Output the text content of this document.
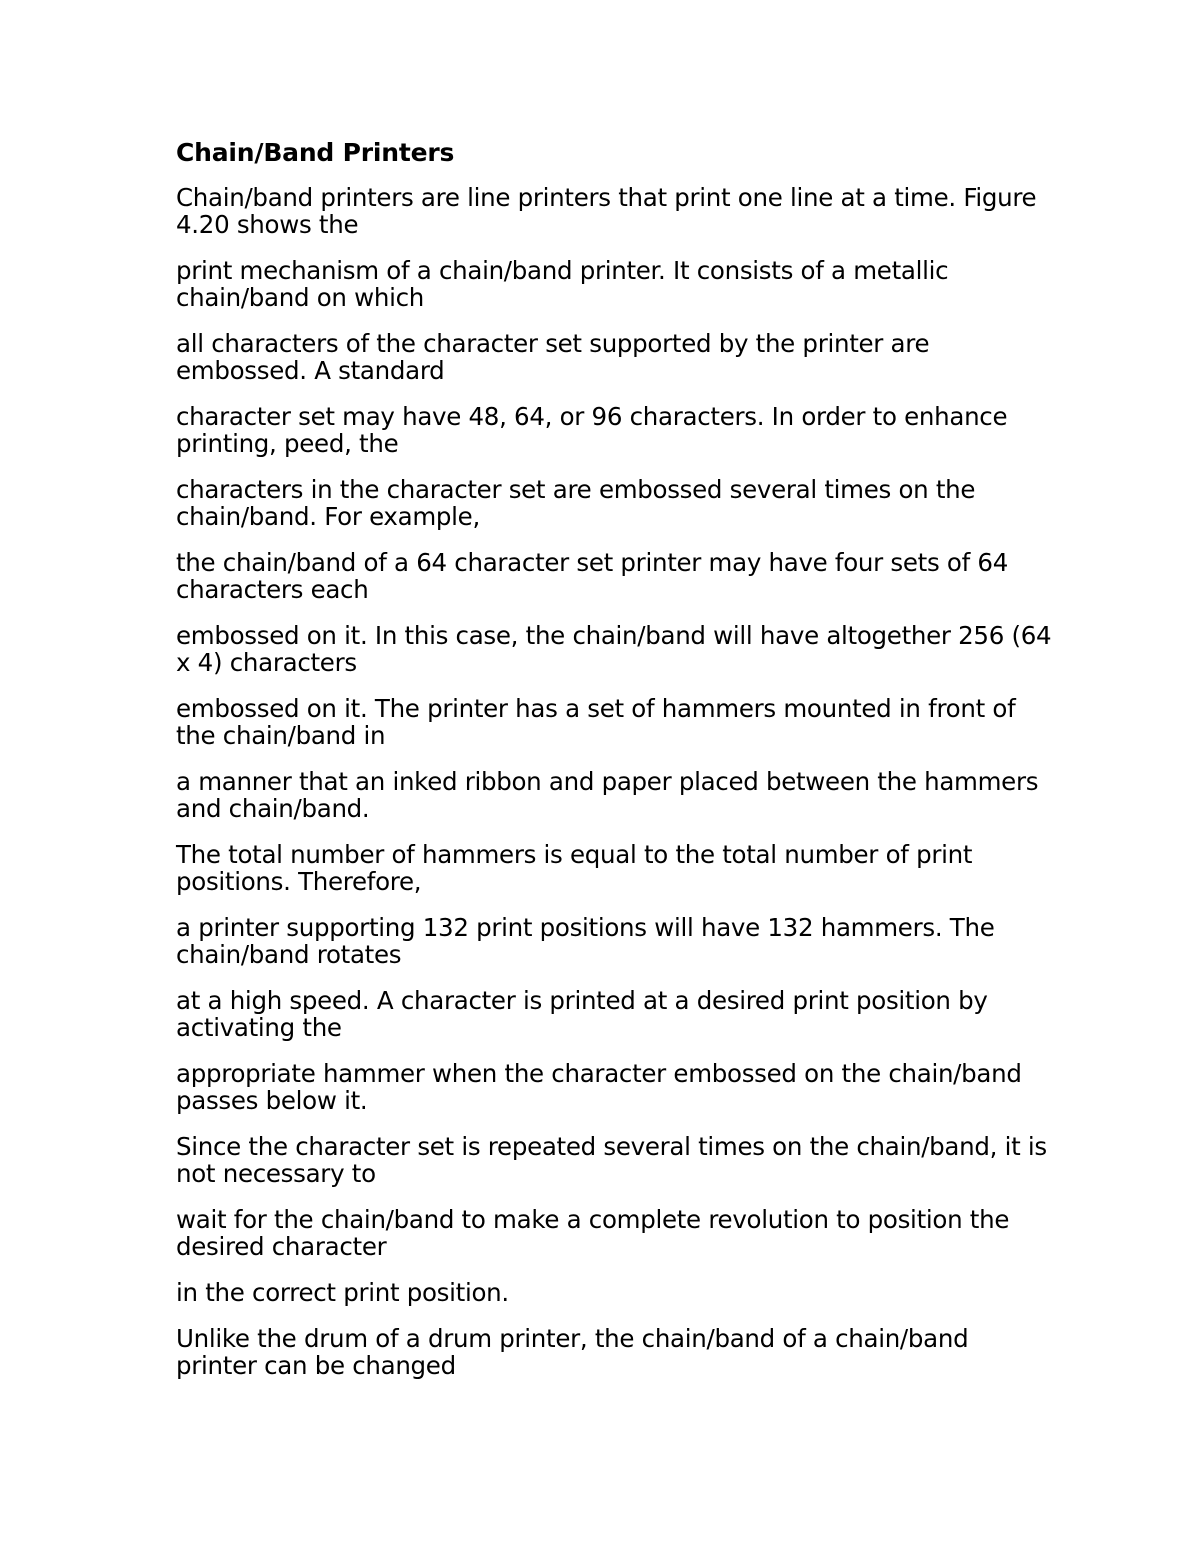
Chain/Band Printers
Chain/band printers are line printers that print one line at a time. Figure 4.20 shows the
print mechanism of a chain/band printer. It consists of a metallic chain/band on which
all characters of the character set supported by the printer are embossed. A standard
character set may have 48, 64, or 96 characters. In order to enhance printing, peed, the
characters in the character set are embossed several times on the chain/band. For example,
the chain/band of a 64 character set printer may have four sets of 64 characters each
embossed on it. In this case, the chain/band will have altogether 256 (64 x 4) characters
embossed on it. The printer has a set of hammers mounted in front of the chain/band in
a manner that an inked ribbon and paper placed between the hammers and chain/band.
The total number of hammers is equal to the total number of print positions. Therefore,
a printer supporting 132 print positions will have 132 hammers. The chain/band rotates
at a high speed. A character is printed at a desired print position by activating the
appropriate hammer when the character embossed on the chain/band passes below it.
Since the character set is repeated several times on the chain/band, it is not necessary to
wait for the chain/band to make a complete revolution to position the desired character
in the correct print position.
Unlike the drum of a drum printer, the chain/band of a chain/band printer can be changed
